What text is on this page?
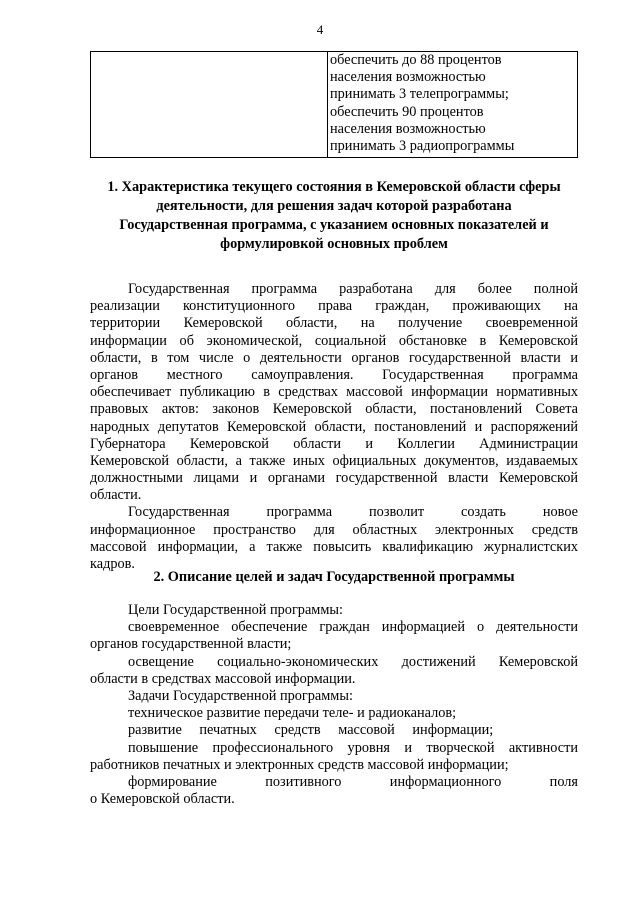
4

обеспечить до 88 процентов
населения возможностью
принимать 3 телепрограммы;
обеспечить 90 процентов
населения возможностью
принимать 3 радиопрограммы
1. Характеристика текущего состояния в Кемеровской области сферы
деятельности, для решения задач которой разработана
Государственная программа, с указанием основных показателей и
формулировкой основных проблем
Государственная программа разработана для более полной
реализации конституционного права граждан, проживающих на
территории Кемеровской области, на получение своевременной
информации об экономической, социальной обстановке в Кемеровской
области, в том числе о деятельности органов государственной власти и
органов местного самоуправления. Государственная программа
обеспечивает публикацию в средствах массовой информации нормативных
правовых актов: законов Кемеровской области, постановлений Совета
народных депутатов Кемеровской области, постановлений и распоряжений
Губернатора Кемеровской области и Коллегии Администрации
Кемеровской области, а также иных официальных документов, издаваемых
должностными лицами и органами государственной власти Кемеровской
области.
Государственная программа позволит создать новое
информационное пространство для областных электронных средств
массовой информации, а также повысить квалификацию журналистских
кадров.
2. Описание целей и задач Государственной программы
Цели Государственной программы:
своевременное обеспечение граждан информацией о деятельности
органов государственной власти;
освещение социально-экономических достижений Кемеровской
области в средствах массовой информации.
Задачи Государственной программы:
техническое развитие передачи теле- и радиоканалов;
развитие печатных средств массовой информации;
повышение профессионального уровня и творческой активности
работников печатных и электронных средств массовой информации;
формирование позитивного информационного поля
о Кемеровской области.
